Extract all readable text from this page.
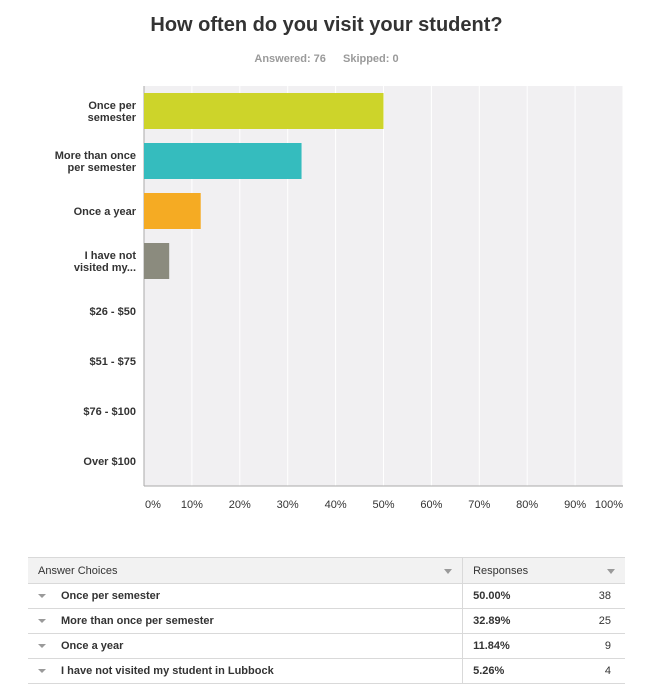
How often do you visit your student?
Answered: 76 Skipped: 0
Once per semester
More than once per semester
Once a year
I have not visited my...
$26 - $50
$51 - $75
$76 - $100
Over $100
0% 10% 20% 30% 40% 50% 60% 70% 80% 90% 100%
Answer Choices	Responses	

Once per semester	50.00%	38

More than once per semester	32.89%	25

Once a year	11.84%	9

I have not visited my student in Lubbock	5.26%	4
